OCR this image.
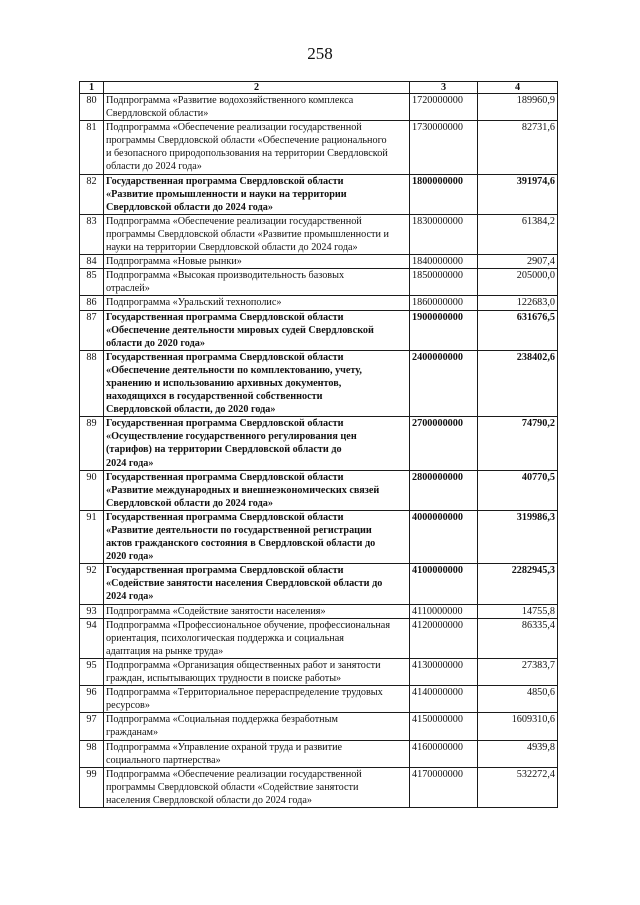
258
1	2	3	4
80	Подпрограмма «Развитие водохозяйственного комплекса
Свердловской области»	1720000000	189960,9
81	Подпрограмма «Обеспечение реализации государственной
программы Свердловской области «Обеспечение рационального
и безопасного природопользования на территории Свердловской
области до 2024 года»	1730000000	82731,6
82	Государственная программа Свердловской области
«Развитие промышленности и науки на территории
Свердловской области до 2024 года»	1800000000	391974,6
83	Подпрограмма «Обеспечение реализации государственной
программы Свердловской области «Развитие промышленности и
науки на территории Свердловской области до 2024 года»	1830000000	61384,2
84	Подпрограмма «Новые рынки»	1840000000	2907,4
85	Подпрограмма «Высокая производительность базовых
отраслей»	1850000000	205000,0
86	Подпрограмма «Уральский технополис»	1860000000	122683,0
87	Государственная программа Свердловской области
«Обеспечение деятельности мировых судей Свердловской
области до 2020 года»	1900000000	631676,5
88	Государственная программа Свердловской области
«Обеспечение деятельности по комплектованию, учету,
хранению и использованию архивных документов,
находящихся в государственной собственности
Свердловской области, до 2020 года»	2400000000	238402,6
89	Государственная программа Свердловской области
«Осуществление государственного регулирования цен
(тарифов) на территории Свердловской области до
2024 года»	2700000000	74790,2
90	Государственная программа Свердловской области
«Развитие международных и внешнеэкономических связей
Свердловской области до 2024 года»	2800000000	40770,5
91	Государственная программа Свердловской области
«Развитие деятельности по государственной регистрации
актов гражданского состояния в Свердловской области до
2020 года»	4000000000	319986,3
92	Государственная программа Свердловской области
«Содействие занятости населения Свердловской области до
2024 года»	4100000000	2282945,3
93	Подпрограмма «Содействие занятости населения»	4110000000	14755,8
94	Подпрограмма «Профессиональное обучение, профессиональная
ориентация, психологическая поддержка и социальная
адаптация на рынке труда»	4120000000	86335,4
95	Подпрограмма «Организация общественных работ и занятости
граждан, испытывающих трудности в поиске работы»	4130000000	27383,7
96	Подпрограмма «Территориальное перераспределение трудовых
ресурсов»	4140000000	4850,6
97	Подпрограмма «Социальная поддержка безработным
гражданам»	4150000000	1609310,6
98	Подпрограмма «Управление охраной труда и развитие
социального партнерства»	4160000000	4939,8
99	Подпрограмма «Обеспечение реализации государственной
программы Свердловской области «Содействие занятости
населения Свердловской области до 2024 года»	4170000000	532272,4
